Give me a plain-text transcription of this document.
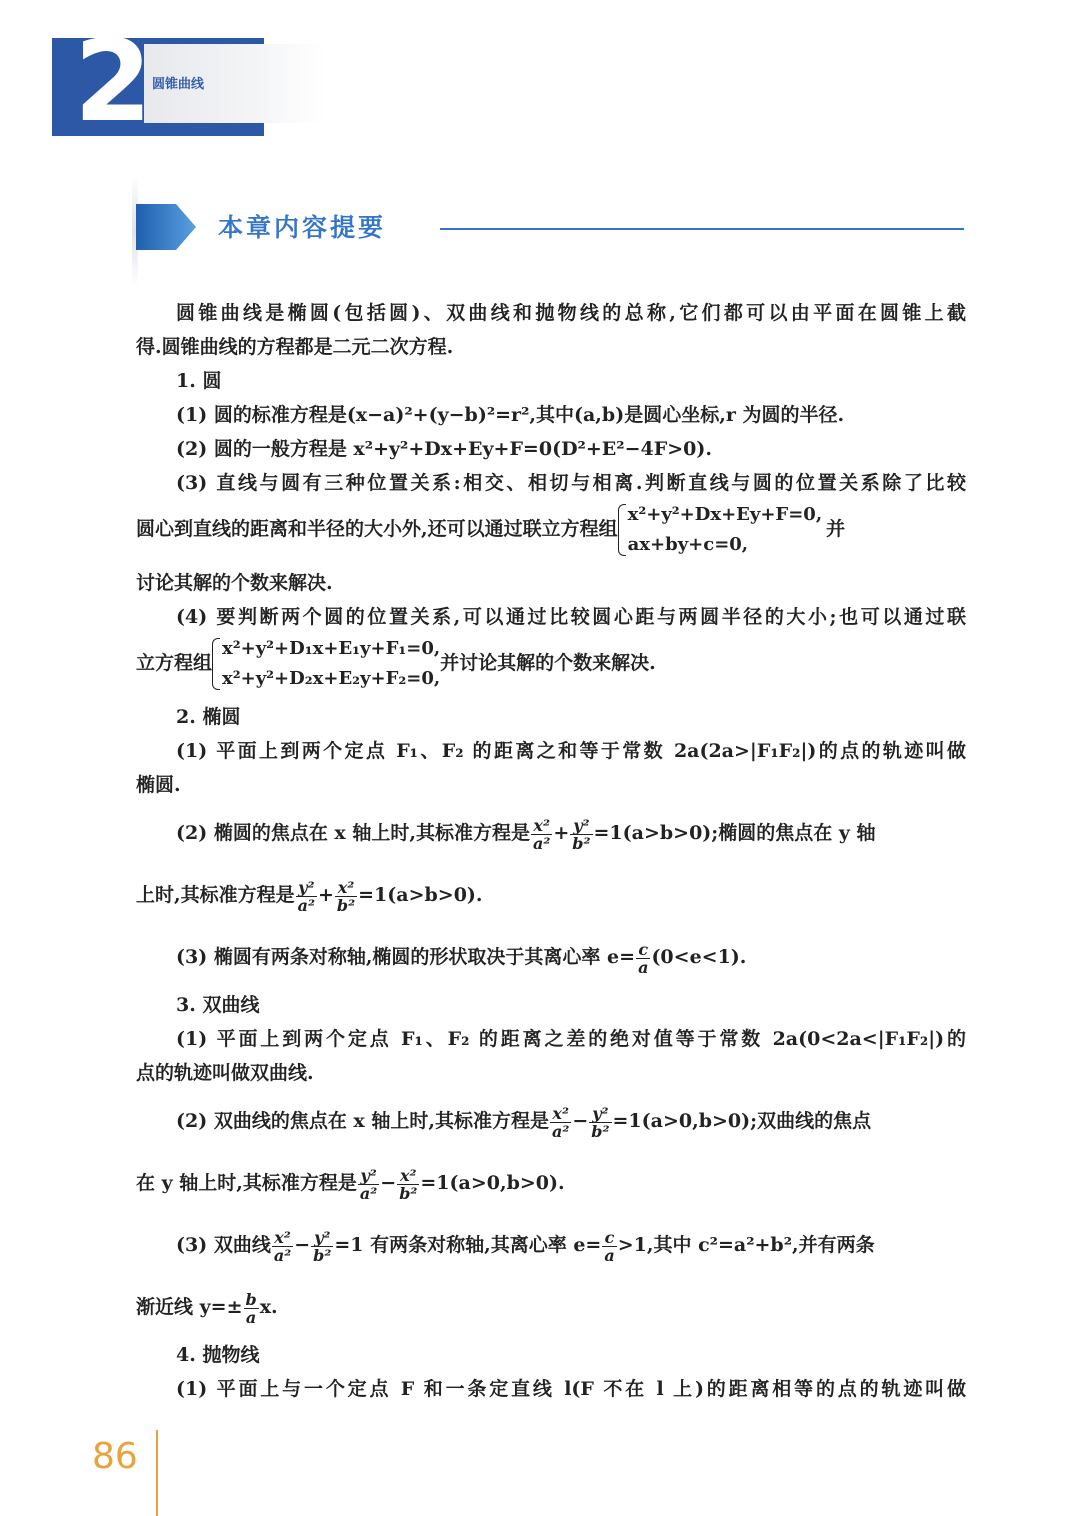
2 圆锥曲线
本章内容提要
圆锥曲线是椭圆(包括圆)、双曲线和抛物线的总称,它们都可以由平面在圆锥上截
得.圆锥曲线的方程都是二元二次方程.
1. 圆
(1) 圆的标准方程是(x−a)²+(y−b)²=r²,其中(a,b)是圆心坐标,r 为圆的半径.
(2) 圆的一般方程是 x²+y²+Dx+Ey+F=0(D²+E²−4F>0).
(3) 直线与圆有三种位置关系:相交、相切与相离.判断直线与圆的位置关系除了比较
圆心到直线的距离和半径的大小外,还可以通过联立方程组
x²+y²+Dx+Ey+F=0,
ax+by+c=0,
并
讨论其解的个数来解决.
(4) 要判断两个圆的位置关系,可以通过比较圆心距与两圆半径的大小;也可以通过联
立方程组
x²+y²+D₁x+E₁y+F₁=0,
x²+y²+D₂x+E₂y+F₂=0,
并讨论其解的个数来解决.
2. 椭圆
(1) 平面上到两个定点 F₁、F₂ 的距离之和等于常数 2a(2a>|F₁F₂|)的点的轨迹叫做
椭圆.
(2) 椭圆的焦点在 x 轴上时,其标准方程是 $\frac{\text{x²}}{\text{a²}} + \frac{\text{y²}}{\text{b²}} =1(a>b>0)$;椭圆的焦点在 y 轴
上时,其标准方程是 $\frac{\text{y²}}{\text{a²}} + \frac{\text{x²}}{\text{b²}} =1(a>b>0)$.
(3) 椭圆有两条对称轴,椭圆的形状取决于其离心率 $e= \frac{c}{a} (0<e<1)$.
3. 双曲线
(1) 平面上到两个定点 F₁、F₂ 的距离之差的绝对值等于常数 2a(0<2a<|F₁F₂|)的
点的轨迹叫做双曲线.
(2) 双曲线的焦点在 x 轴上时,其标准方程是 $\frac{\text{x²}}{\text{a²}} - \frac{\text{y²}}{\text{b²}} =1(a>0,b>0)$;双曲线的焦点
在 y 轴上时,其标准方程是 $\frac{\text{y²}}{\text{a²}} - \frac{\text{x²}}{\text{b²}} =1(a>0,b>0)$.
(3) 双曲线 $\frac{\text{x²}}{\text{a²}} - \frac{\text{y²}}{\text{b²}} =1$ 有两条对称轴,其离心率 $e= \frac{c}{a} >1$,其中 c²=a²+b²,并有两条
渐近线 $y=\pm \frac{b}{a} x$.
4. 抛物线
(1) 平面上与一个定点 F 和一条定直线 l(F 不在 l 上)的距离相等的点的轨迹叫做
86
